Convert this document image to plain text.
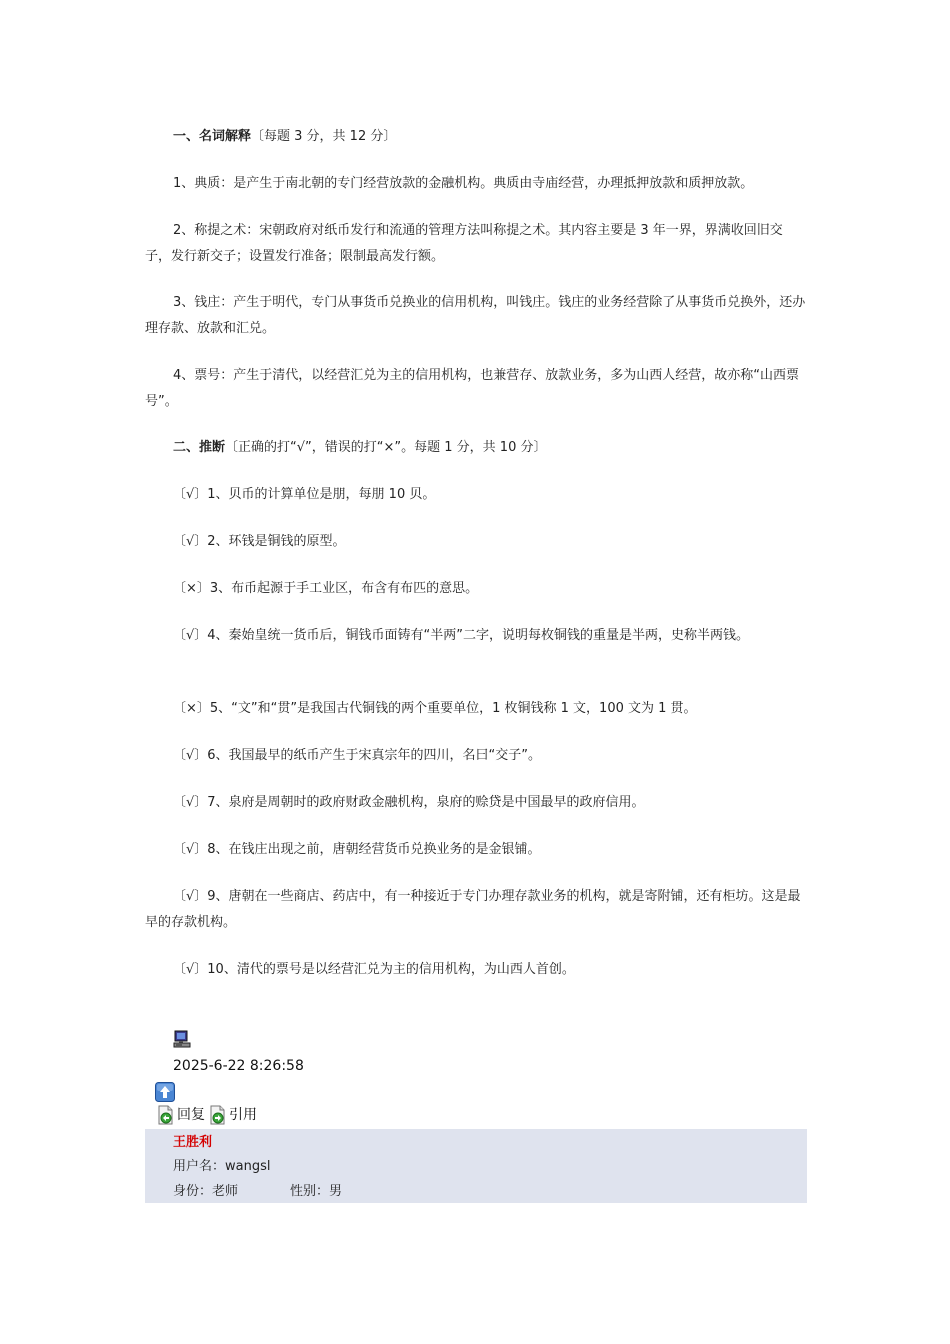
一、名词解释〔每题 3 分，共 12 分〕
1、典质：是产生于南北朝的专门经营放款的金融机构。典质由寺庙经营，办理抵押放款和质押放款。
2、称提之术：宋朝政府对纸币发行和流通的管理方法叫称提之术。其内容主要是 3 年一界，界满收回旧交子，发行新交子；设置发行准备；限制最高发行额。
3、钱庄：产生于明代，专门从事货币兑换业的信用机构，叫钱庄。钱庄的业务经营除了从事货币兑换外，还办理存款、放款和汇兑。
4、票号：产生于清代，以经营汇兑为主的信用机构，也兼营存、放款业务，多为山西人经营，故亦称“山西票号”。
二、推断〔正确的打“√”，错误的打“×”。每题 1 分，共 10 分〕
〔√〕1、贝币的计算单位是朋，每朋 10 贝。
〔√〕2、环钱是铜钱的原型。
〔×〕3、布币起源于手工业区，布含有布匹的意思。
〔√〕4、秦始皇统一货币后，铜钱币面铸有“半两”二字，说明每枚铜钱的重量是半两，史称半两钱。
〔×〕5、“文”和“贯”是我国古代铜钱的两个重要单位，1 枚铜钱称 1 文，100 文为 1 贯。
〔√〕6、我国最早的纸币产生于宋真宗年的四川，名曰“交子”。
〔√〕7、泉府是周朝时的政府财政金融机构，泉府的赊贷是中国最早的政府信用。
〔√〕8、在钱庄出现之前，唐朝经营货币兑换业务的是金银铺。
〔√〕9、唐朝在一些商店、药店中，有一种接近于专门办理存款业务的机构，就是寄附铺，还有柜坊。这是最早的存款机构。
〔√〕10、清代的票号是以经营汇兑为主的信用机构，为山西人首创。
2025-6-22 8:26:58
回复 引用
王胜利
用户名：wangsl
身份：老师	性别：男
